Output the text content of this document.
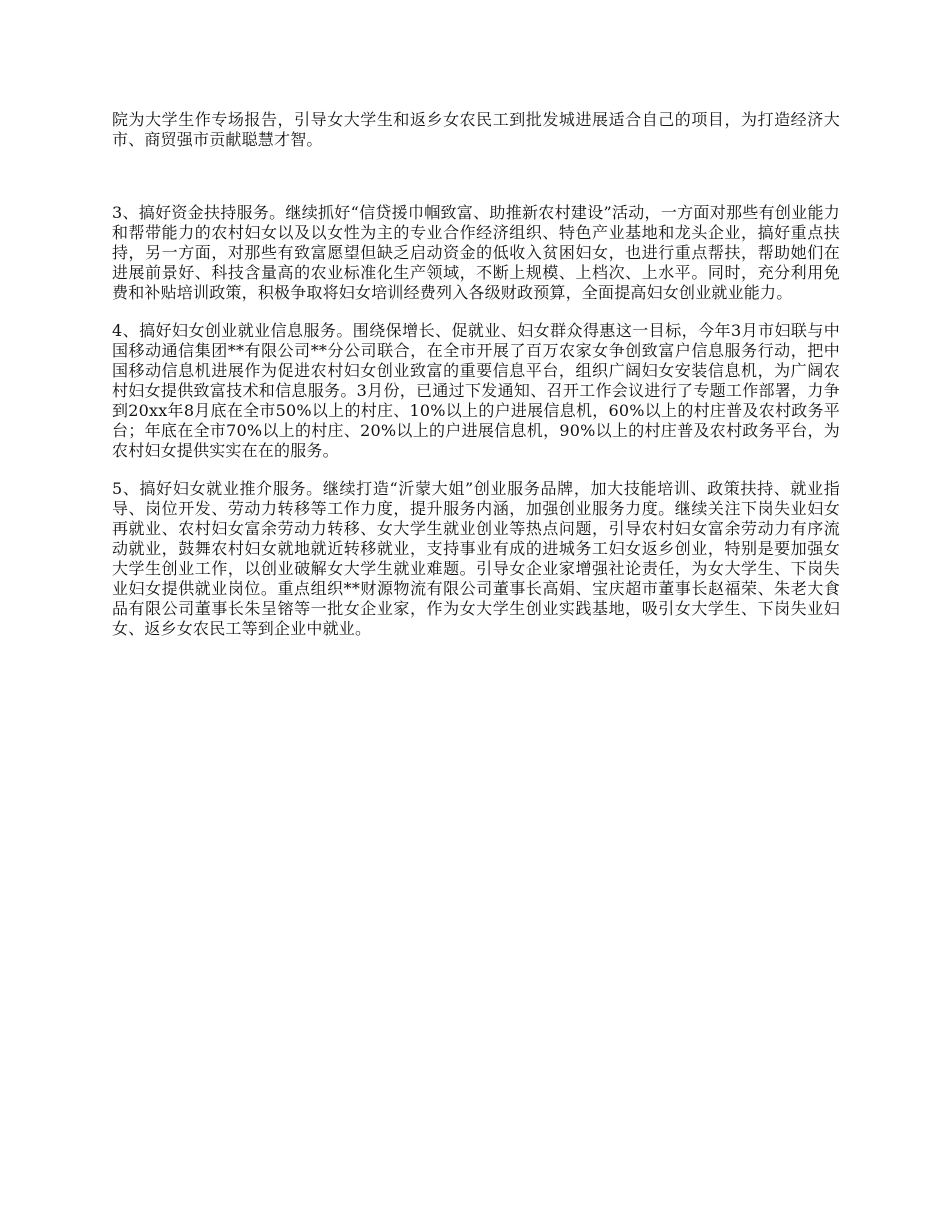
院为大学生作专场报告，引导女大学生和返乡女农民工到批发城进展适合自己的项目，为打造经济大市、商贸强市贡献聪慧才智。

3、搞好资金扶持服务。继续抓好“信贷援巾帼致富、助推新农村建设”活动，一方面对那些有创业能力和帮带能力的农村妇女以及以女性为主的专业合作经济组织、特色产业基地和龙头企业，搞好重点扶持，另一方面，对那些有致富愿望但缺乏启动资金的低收入贫困妇女，也进行重点帮扶，帮助她们在进展前景好、科技含量高的农业标准化生产领域，不断上规模、上档次、上水平。同时，充分利用免费和补贴培训政策，积极争取将妇女培训经费列入各级财政预算，全面提高妇女创业就业能力。

4、搞好妇女创业就业信息服务。围绕保增长、促就业、妇女群众得惠这一目标，今年3月市妇联与中国移动通信集团**有限公司**分公司联合，在全市开展了百万农家女争创致富户信息服务行动，把中国移动信息机进展作为促进农村妇女创业致富的重要信息平台，组织广阔妇女安装信息机，为广阔农村妇女提供致富技术和信息服务。3月份，已通过下发通知、召开工作会议进行了专题工作部署，力争到20xx年8月底在全市50%以上的村庄、10%以上的户进展信息机，60%以上的村庄普及农村政务平台；年底在全市70%以上的村庄、20%以上的户进展信息机，90%以上的村庄普及农村政务平台，为农村妇女提供实实在在的服务。

5、搞好妇女就业推介服务。继续打造“沂蒙大姐”创业服务品牌，加大技能培训、政策扶持、就业指导、岗位开发、劳动力转移等工作力度，提升服务内涵，加强创业服务力度。继续关注下岗失业妇女再就业、农村妇女富余劳动力转移、女大学生就业创业等热点问题，引导农村妇女富余劳动力有序流动就业，鼓舞农村妇女就地就近转移就业，支持事业有成的进城务工妇女返乡创业，特别是要加强女大学生创业工作，以创业破解女大学生就业难题。引导女企业家增强社论责任，为女大学生、下岗失业妇女提供就业岗位。重点组织**财源物流有限公司董事长高娟、宝庆超市董事长赵福荣、朱老大食品有限公司董事长朱呈镕等一批女企业家，作为女大学生创业实践基地，吸引女大学生、下岗失业妇女、返乡女农民工等到企业中就业。
